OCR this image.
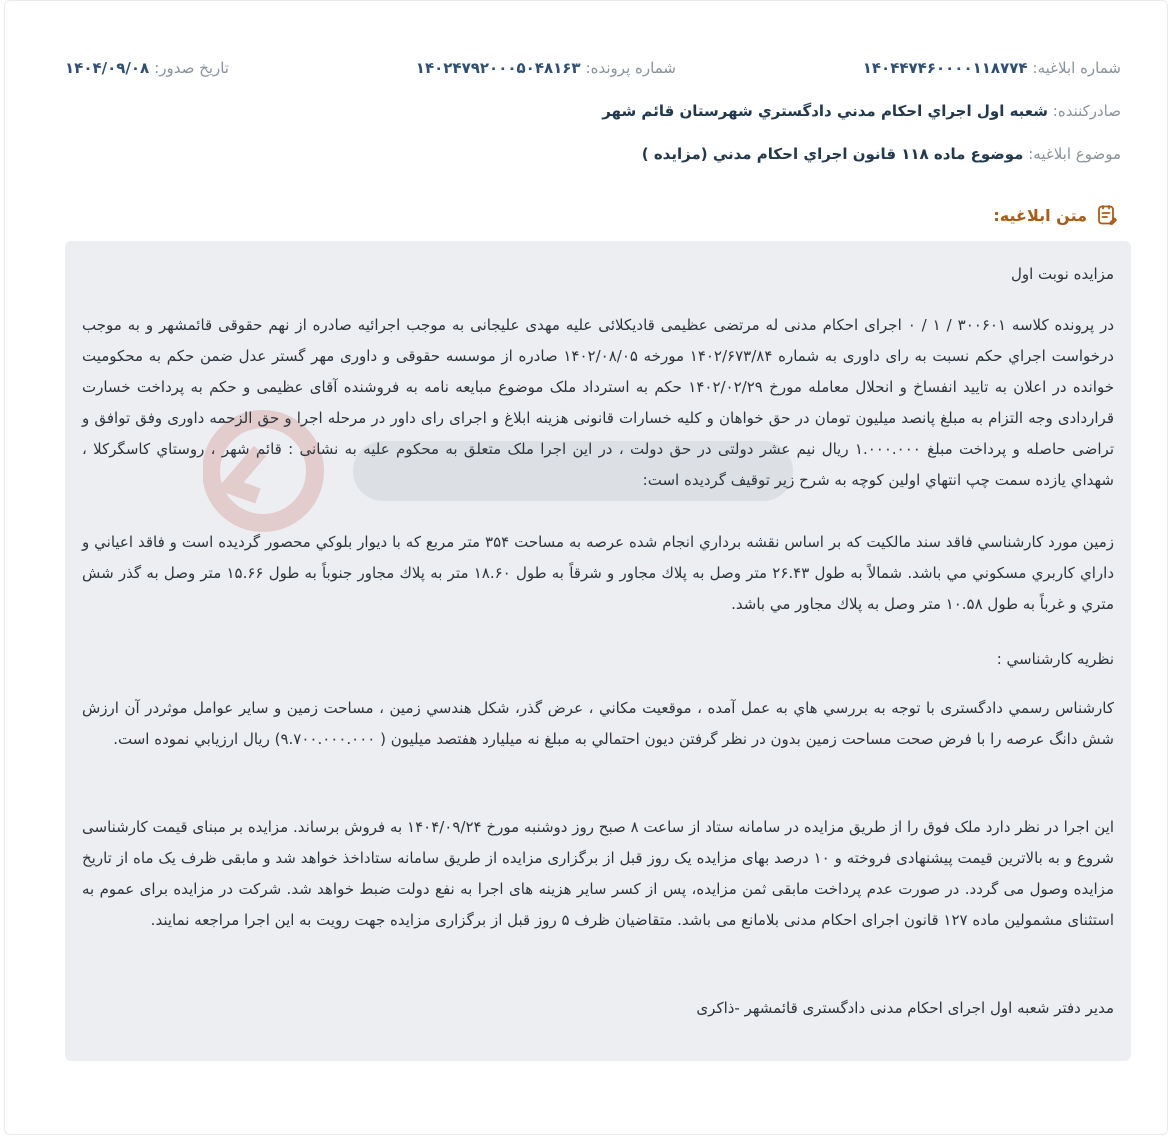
شماره ابلاغیه:
۱۴۰۴۴۷۴۶۰۰۰۰۱۱۸۷۷۴
شماره پرونده:
۱۴۰۲۴۷۹۲۰۰۰۵۰۴۸۱۶۳
تاریخ صدور:
۱۴۰۴/۰۹/۰۸
صادرکننده: شعبه اول اجراي احكام مدني دادگستري شهرستان قائم شهر
موضوع ابلاغیه: موضوع ماده ۱۱۸ قانون اجراي احكام مدني (مزايده )
متن ابلاغیه:
مزایده نوبت اول
در پرونده کلاسه ۳۰۰۶۰۱ / ۱ / ۰ اجرای احکام مدنی له مرتضی عظیمی قادیکلائی علیه مهدی علیجانی به موجب اجرائیه صادره از نهم حقوقی قائمشهر و به موجب درخواست اجراي حکم نسبت به رای داوری به شماره ۱۴۰۲/۶۷۳/۸۴ مورخه ۱۴۰۲/۰۸/۰۵ صادره از موسسه حقوقی و داوری مهر گستر عدل ضمن حکم به محکومیت خوانده در اعلان به تایید انفساخ و انحلال معامله مورخ ۱۴۰۲/۰۲/۲۹ حکم به استرداد ملک موضوع مبایعه نامه به فروشنده آقای عظیمی و حکم به پرداخت خسارت قراردادی وجه التزام به مبلغ پانصد میلیون تومان در حق خواهان و کلیه خسارات قانونی هزینه ابلاغ و اجرای رای داور در مرحله اجرا و حق الزحمه داوری وفق توافق و تراضی حاصله و پرداخت مبلغ ۱.۰۰۰.۰۰۰ ریال نیم عشر دولتی در حق دولت ، در این اجرا ملک متعلق به محکوم علیه به نشانی : قائم شهر ، روستاي كاسگرکلا ، شهداي يازده سمت چپ انتهاي اولين كوچه به شرح زیر توقیف گردیده است:
زمين مورد کارشناسي فاقد سند مالكيت كه بر اساس نقشه برداري انجام شده عرصه به مساحت ۳۵۴ متر مربع كه با ديوار بلوكي محصور گرديده است و فاقد اعياني و داراي كاربري مسكوني مي باشد. شمالاً به طول ۲۶.۴۳ متر وصل به پلاك مجاور و شرقاً به طول ۱۸.۶۰ متر به پلاك مجاور جنوباً به طول ۱۵.۶۶ متر وصل به گذر شش متري و غرباً به طول ۱۰.۵۸ متر وصل به پلاك مجاور مي باشد.
نظريه كارشناسي :
كارشناس رسمي دادگستری با توجه به بررسي هاي به عمل آمده ، موقعيت مكاني ، عرض گذر، شكل هندسي زمين ، مساحت زمين و ساير عوامل موثردر آن ارزش شش دانگ عرصه را با فرض صحت مساحت زمين بدون در نظر گرفتن ديون احتمالي به مبلغ نه ميليارد هفتصد ميليون ( ۹.۷۰۰.۰۰۰.۰۰۰) ريال ارزيابي نموده است.
این اجرا در نظر دارد ملک فوق را از طریق مزایده در سامانه ستاد از ساعت ۸ صبح روز دوشنبه مورخ ۱۴۰۴/۰۹/۲۴ به فروش برساند. مزایده بر مبنای قیمت کارشناسی شروع و به بالاترین قیمت پیشنهادی فروخته و ۱۰ درصد بهای مزایده یک روز قبل از برگزاری مزایده از طریق سامانه ستاداخذ خواهد شد و مابقی ظرف یک ماه از تاریخ مزایده وصول می گردد. در صورت عدم پرداخت مابقی ثمن مزایده، پس از کسر سایر هزینه های اجرا به نفع دولت ضبط خواهد شد. شرکت در مزایده برای عموم به استثنای مشمولین ماده ۱۲۷ قانون اجرای احکام مدنی بلامانع می باشد. متقاضیان ظرف ۵ روز قبل از برگزاری مزایده جهت رویت به این اجرا مراجعه نمایند.
مدیر دفتر شعبه اول اجرای احکام مدنی دادگستری قائمشهر -ذاکری
